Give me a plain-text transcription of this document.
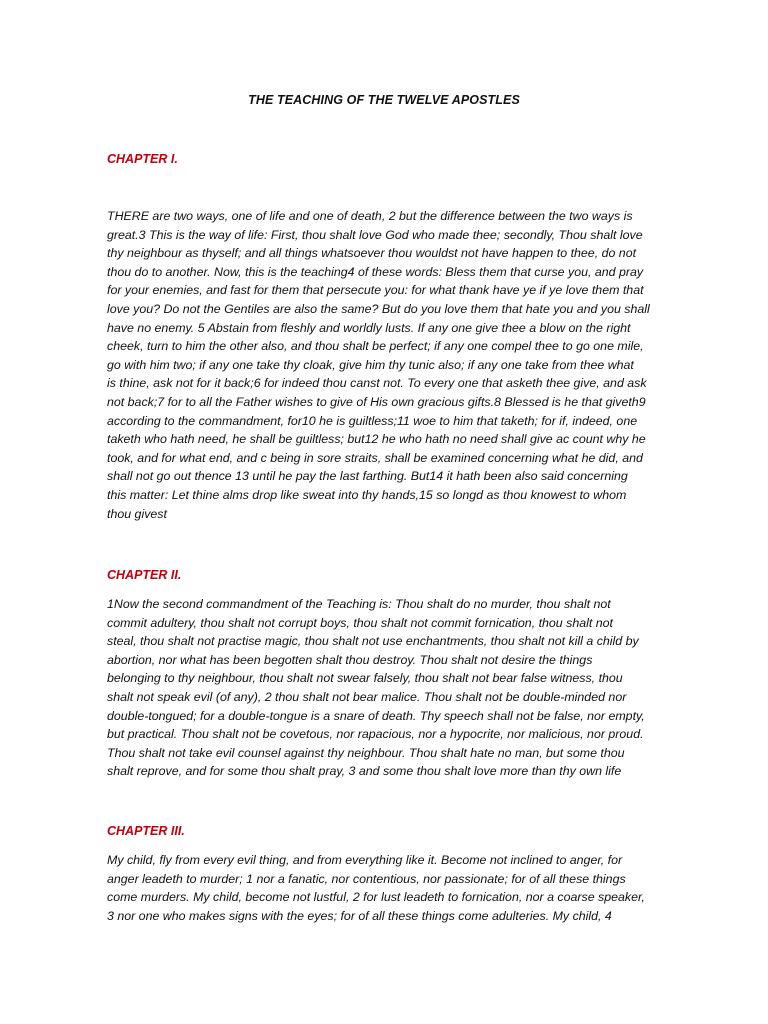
THE TEACHING OF THE TWELVE APOSTLES
CHAPTER I.
THERE are two ways, one of life and one of death, 2 but the difference between the two ways is
great.3 This is the way of life: First, thou shalt love God who made thee; secondly, Thou shalt love
thy neighbour as thyself; and all things whatsoever thou wouldst not have happen to thee, do not
thou do to another. Now, this is the teaching4 of these words: Bless them that curse you, and pray
for your enemies, and fast for them that persecute you: for what thank have ye if ye love them that
love you? Do not the Gentiles are also the same? But do you love them that hate you and you shall
have no enemy. 5 Abstain from fleshly and worldly lusts. If any one give thee a blow on the right
cheek, turn to him the other also, and thou shalt be perfect; if any one compel thee to go one mile,
go with him two; if any one take thy cloak, give him thy tunic also; if any one take from thee what
is thine, ask not for it back;6 for indeed thou canst not. To every one that asketh thee give, and ask
not back;7 for to all the Father wishes to give of His own gracious gifts.8 Blessed is he that giveth9
according to the commandment, for10 he is guiltless;11 woe to him that taketh; for if, indeed, one
taketh who hath need, he shall be guiltless; but12 he who hath no need shall give ac count why he
took, and for what end, and c being in sore straits, shall be examined concerning what he did, and
shall not go out thence 13 until he pay the last farthing. But14 it hath been also said concerning
this matter: Let thine alms drop like sweat into thy hands,15 so longd as thou knowest to whom
thou givest
CHAPTER II.
1Now the second commandment of the Teaching is: Thou shalt do no murder, thou shalt not
commit adultery, thou shalt not corrupt boys, thou shalt not commit fornication, thou shalt not
steal, thou shalt not practise magic, thou shalt not use enchantments, thou shalt not kill a child by
abortion, nor what has been begotten shalt thou destroy. Thou shalt not desire the things
belonging to thy neighbour, thou shalt not swear falsely, thou shalt not bear false witness, thou
shalt not speak evil (of any), 2 thou shalt not bear malice. Thou shalt not be double-minded nor
double-tongued; for a double-tongue is a snare of death. Thy speech shall not be false, nor empty,
but practical. Thou shalt not be covetous, nor rapacious, nor a hypocrite, nor malicious, nor proud.
Thou shalt not take evil counsel against thy neighbour. Thou shalt hate no man, but some thou
shalt reprove, and for some thou shalt pray, 3 and some thou shalt love more than thy own life
CHAPTER III.
My child, fly from every evil thing, and from everything like it. Become not inclined to anger, for
anger leadeth to murder; 1 nor a fanatic, nor contentious, nor passionate; for of all these things
come murders. My child, become not lustful, 2 for lust leadeth to fornication, nor a coarse speaker,
3 nor one who makes signs with the eyes; for of all these things come adulteries. My child, 4
